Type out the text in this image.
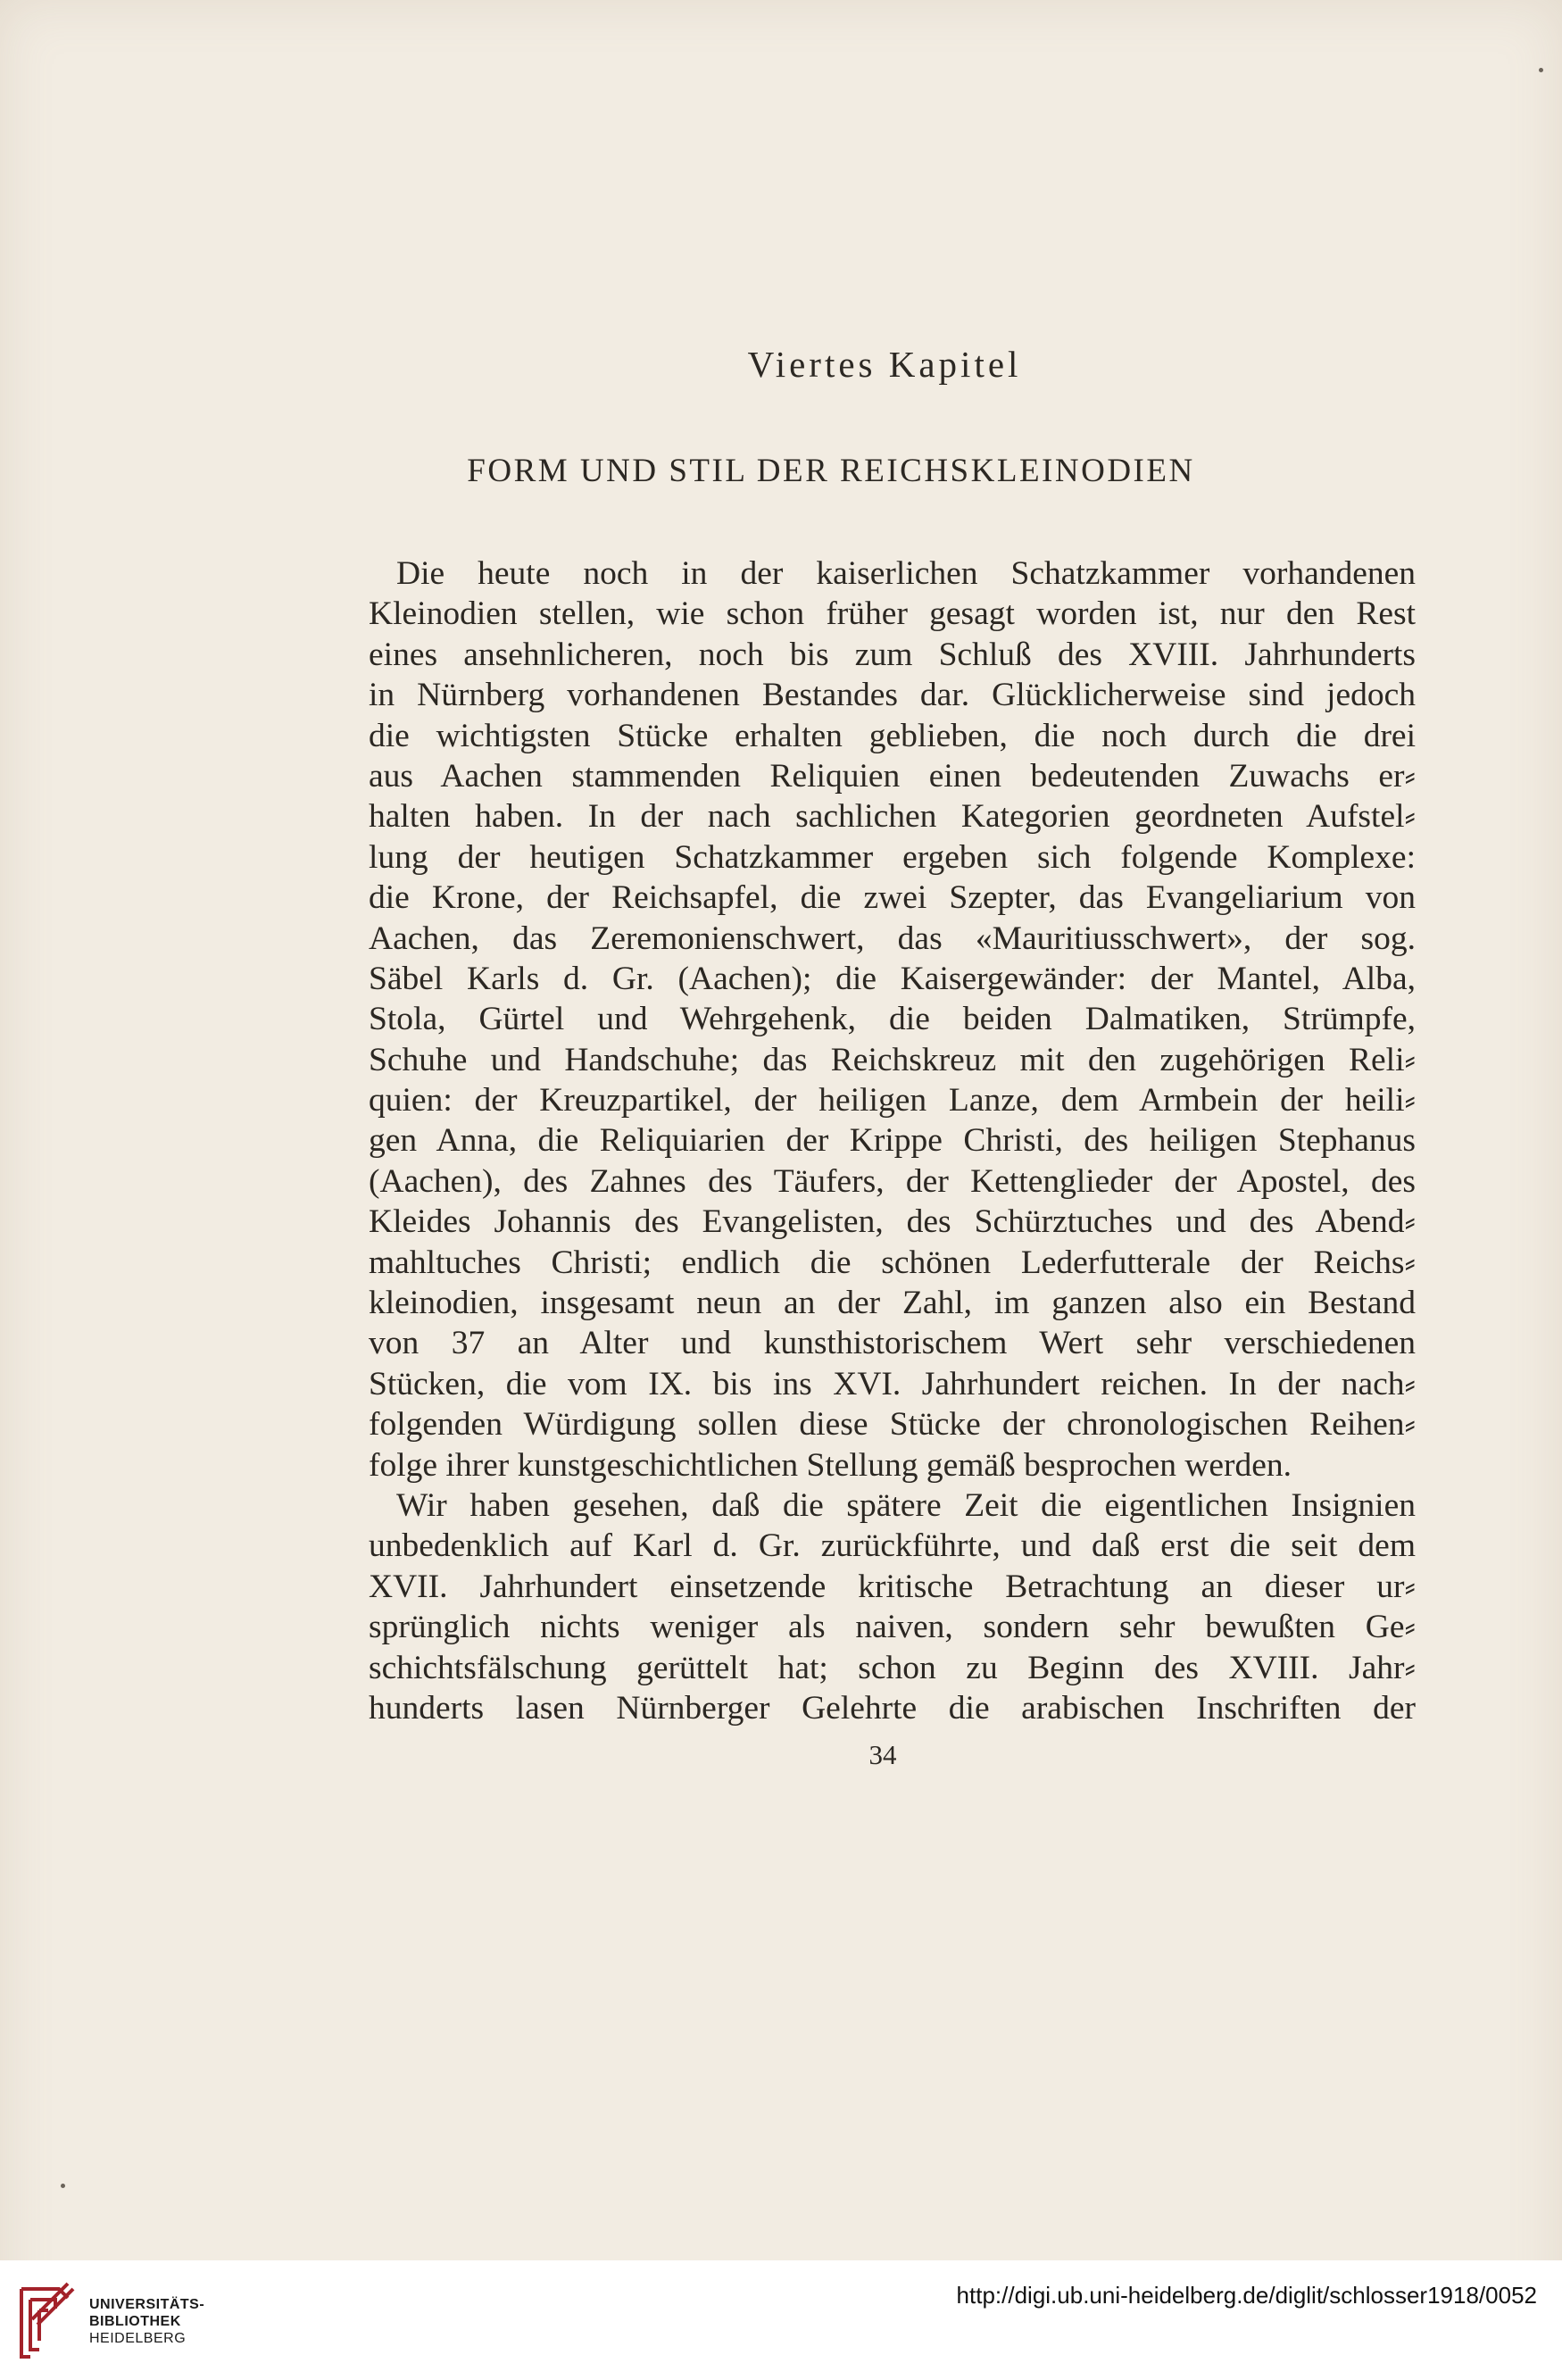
Viertes Kapitel
FORM UND STIL DER REICHSKLEINODIEN
Die heute noch in der kaiserlichen Schatzkammer vorhandenen
Kleinodien stellen, wie schon früher gesagt worden ist, nur den Rest
eines ansehnlicheren, noch bis zum Schluß des XVIII. Jahrhunderts
in Nürnberg vorhandenen Bestandes dar. Glücklicherweise sind jedoch
die wichtigsten Stücke erhalten geblieben, die noch durch die drei
aus Aachen stammenden Reliquien einen bedeutenden Zuwachs er⸗
halten haben. In der nach sachlichen Kategorien geordneten Aufstel⸗
lung der heutigen Schatzkammer ergeben sich folgende Komplexe:
die Krone, der Reichsapfel, die zwei Szepter, das Evangeliarium von
Aachen, das Zeremonienschwert, das «Mauritiusschwert», der sog.
Säbel Karls d. Gr. (Aachen); die Kaisergewänder: der Mantel, Alba,
Stola, Gürtel und Wehrgehenk, die beiden Dalmatiken, Strümpfe,
Schuhe und Handschuhe; das Reichskreuz mit den zugehörigen Reli⸗
quien: der Kreuzpartikel, der heiligen Lanze, dem Armbein der heili⸗
gen Anna, die Reliquiarien der Krippe Christi, des heiligen Stephanus
(Aachen), des Zahnes des Täufers, der Kettenglieder der Apostel, des
Kleides Johannis des Evangelisten, des Schürztuches und des Abend⸗
mahltuches Christi; endlich die schönen Lederfutterale der Reichs⸗
kleinodien, insgesamt neun an der Zahl, im ganzen also ein Bestand
von 37 an Alter und kunsthistorischem Wert sehr verschiedenen
Stücken, die vom IX. bis ins XVI. Jahrhundert reichen. In der nach⸗
folgenden Würdigung sollen diese Stücke der chronologischen Reihen⸗
folge ihrer kunstgeschichtlichen Stellung gemäß besprochen werden.
Wir haben gesehen, daß die spätere Zeit die eigentlichen Insignien
unbedenklich auf Karl d. Gr. zurückführte, und daß erst die seit dem
XVII. Jahrhundert einsetzende kritische Betrachtung an dieser ur⸗
sprünglich nichts weniger als naiven, sondern sehr bewußten Ge⸗
schichtsfälschung gerüttelt hat; schon zu Beginn des XVIII. Jahr⸗
hunderts lasen Nürnberger Gelehrte die arabischen Inschriften der
34
UNIVERSITÄTS-
BIBLIOTHEK
HEIDELBERG
http://digi.ub.uni-heidelberg.de/diglit/schlosser1918/0052
